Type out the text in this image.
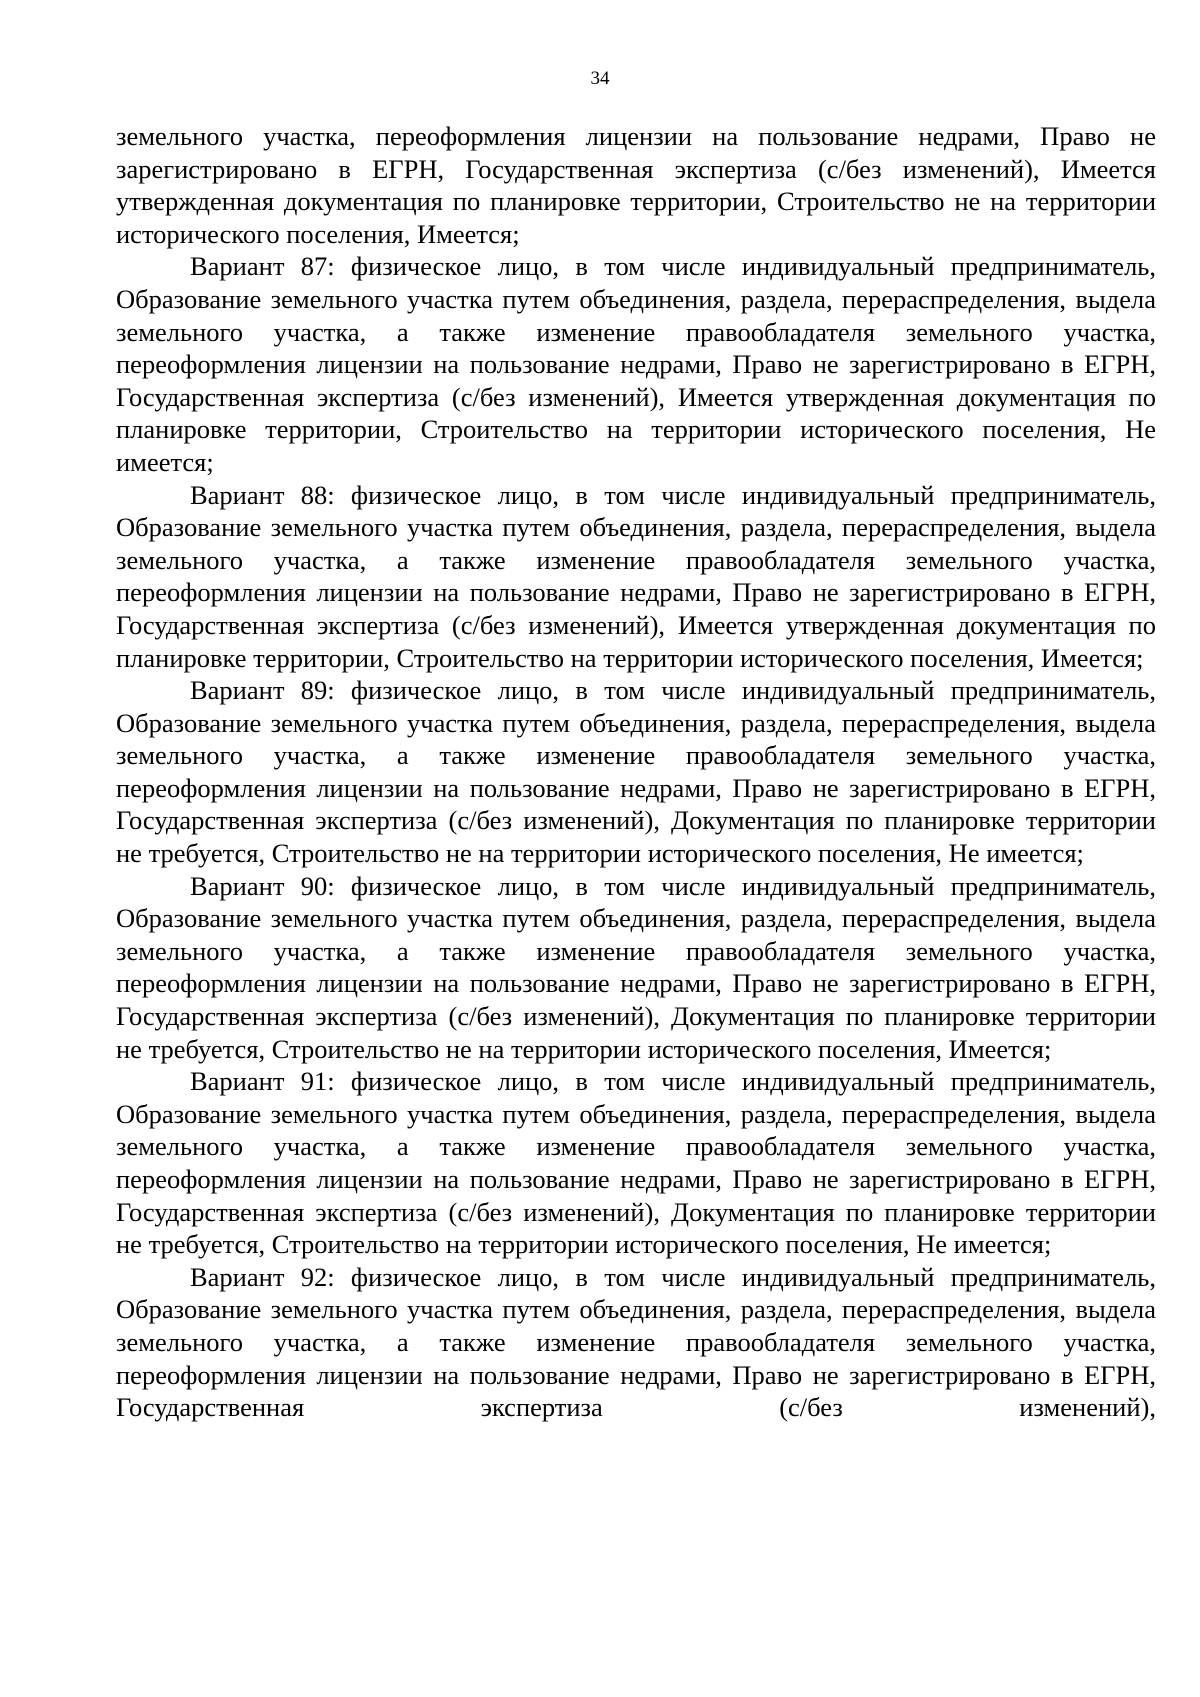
34

земельного участка, переоформления лицензии на пользование недрами, Право не зарегистрировано в ЕГРН, Государственная экспертиза (с/без изменений), Имеется утвержденная документация по планировке территории, Строительство не на территории исторического поселения, Имеется;

Вариант 87: физическое лицо, в том числе индивидуальный предприниматель, Образование земельного участка путем объединения, раздела, перераспределения, выдела земельного участка, а также изменение правообладателя земельного участка, переоформления лицензии на пользование недрами, Право не зарегистрировано в ЕГРН, Государственная экспертиза (с/без изменений), Имеется утвержденная документация по планировке территории, Строительство на территории исторического поселения, Не имеется;

Вариант 88: физическое лицо, в том числе индивидуальный предприниматель, Образование земельного участка путем объединения, раздела, перераспределения, выдела земельного участка, а также изменение правообладателя земельного участка, переоформления лицензии на пользование недрами, Право не зарегистрировано в ЕГРН, Государственная экспертиза (с/без изменений), Имеется утвержденная документация по планировке территории, Строительство на территории исторического поселения, Имеется;

Вариант 89: физическое лицо, в том числе индивидуальный предприниматель, Образование земельного участка путем объединения, раздела, перераспределения, выдела земельного участка, а также изменение правообладателя земельного участка, переоформления лицензии на пользование недрами, Право не зарегистрировано в ЕГРН, Государственная экспертиза (с/без изменений), Документация по планировке территории не требуется, Строительство не на территории исторического поселения, Не имеется;

Вариант 90: физическое лицо, в том числе индивидуальный предприниматель, Образование земельного участка путем объединения, раздела, перераспределения, выдела земельного участка, а также изменение правообладателя земельного участка, переоформления лицензии на пользование недрами, Право не зарегистрировано в ЕГРН, Государственная экспертиза (с/без изменений), Документация по планировке территории не требуется, Строительство не на территории исторического поселения, Имеется;

Вариант 91: физическое лицо, в том числе индивидуальный предприниматель, Образование земельного участка путем объединения, раздела, перераспределения, выдела земельного участка, а также изменение правообладателя земельного участка, переоформления лицензии на пользование недрами, Право не зарегистрировано в ЕГРН, Государственная экспертиза (с/без изменений), Документация по планировке территории не требуется, Строительство на территории исторического поселения, Не имеется;

Вариант 92: физическое лицо, в том числе индивидуальный предприниматель, Образование земельного участка путем объединения, раздела, перераспределения, выдела земельного участка, а также изменение правообладателя земельного участка, переоформления лицензии на пользование недрами, Право не зарегистрировано в ЕГРН, Государственная экспертиза (с/без изменений),
